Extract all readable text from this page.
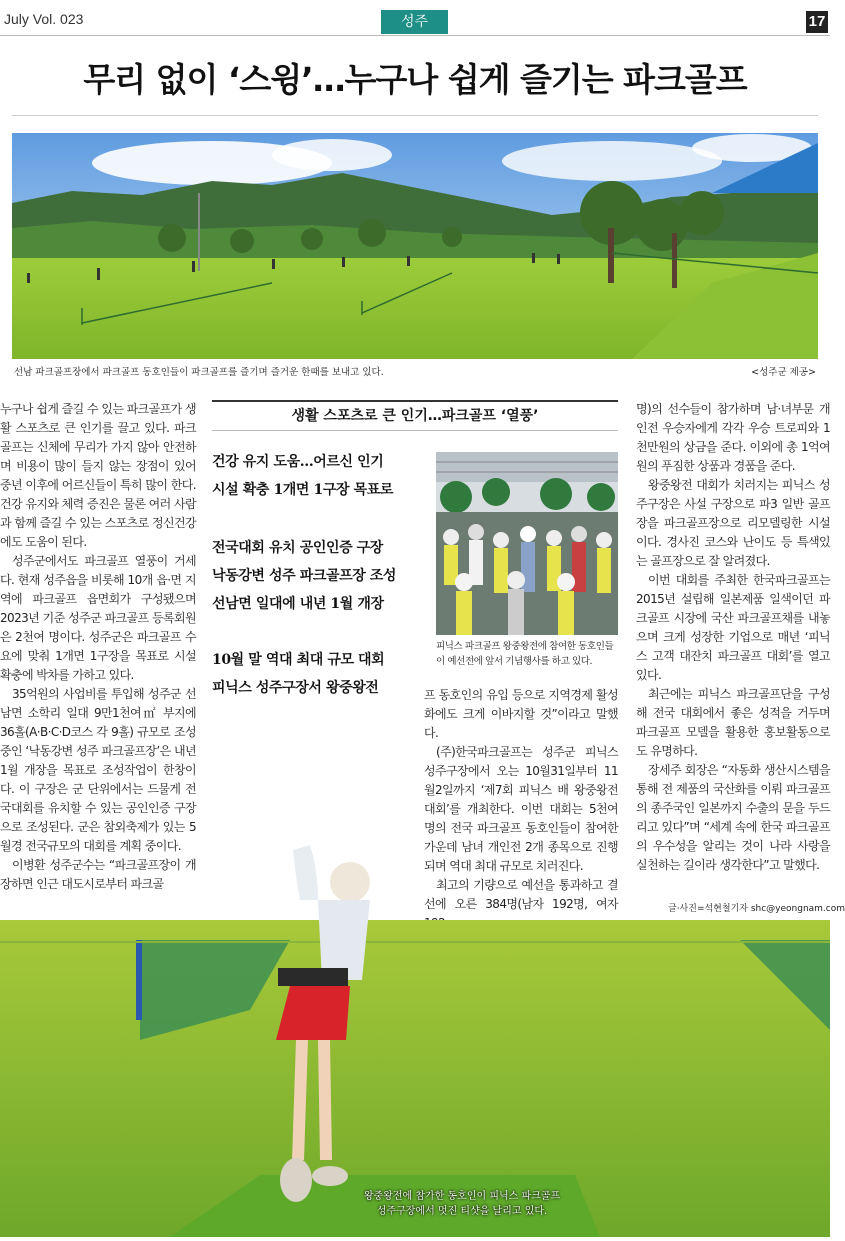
July Vol. 023	성주	17
무리 없이 ‘스윙’…누구나 쉽게 즐기는 파크골프
선남 파크골프장에서 파크골프 동호인들이 파크골프를 즐기며 즐거운 한때를 보내고 있다.	<성주군 제공>

누구나 쉽게 즐길 수 있는 파크골프가 생활 스포츠로 큰 인기를 끌고 있다. 파크골프는 신체에 무리가 가지 않아 안전하며 비용이 많이 들지 않는 장점이 있어 중년 이후에 어르신들이 특히 많이 한다. 건강 유지와 체력 증진은 물론 여러 사람과 함께 즐길 수 있는 스포츠로 정신건강에도 도움이 된다.

성주군에서도 파크골프 열풍이 거세다. 현재 성주읍을 비롯해 10개 읍·면 지역에 파크골프 읍면회가 구성됐으며 2023년 기준 성주군 파크골프 등록회원은 2천여 명이다. 성주군은 파크골프 수요에 맞춰 1개면 1구장을 목표로 시설 확충에 박차를 가하고 있다.

35억원의 사업비를 투입해 성주군 선남면 소학리 일대 9만1천여㎡ 부지에 36홀(A·B·C·D코스 각 9홀) 규모로 조성 중인 ‘낙동강변 성주 파크골프장’은 내년 1월 개장을 목표로 조성작업이 한창이다. 이 구장은 군 단위에서는 드물게 전국대회를 유치할 수 있는 공인인증 구장으로 조성된다. 군은 참외축제가 있는 5월경 전국규모의 대회를 계획 중이다.

이병환 성주군수는 “파크골프장이 개장하면 인근 대도시로부터 파크골

생활 스포츠로 큰 인기…파크골프 ‘열풍’
건강 유지 도움…어르신 인기
시설 확충 1개면 1구장 목표로
전국대회 유치 공인인증 구장
낙동강변 성주 파크골프장 조성
선남면 일대에 내년 1월 개장
10월 말 역대 최대 규모 대회
피닉스 성주구장서 왕중왕전
피닉스 파크골프 왕중왕전에 참여한 동호인들이 예선전에 앞서 기념행사를 하고 있다.

프 동호인의 유입 등으로 지역경제 활성화에도 크게 이바지할 것”이라고 말했다.

(주)한국파크골프는 성주군 피닉스 성주구장에서 오는 10월31일부터 11월2일까지 ‘제7회 피닉스 배 왕중왕전 대회’를 개최한다. 이번 대회는 5천여 명의 전국 파크골프 동호인들이 참여한 가운데 남녀 개인전 2개 종목으로 진행되며 역대 최대 규모로 치러진다.

최고의 기량으로 예선을 통과하고 결선에 오른 384명(남자 192명, 여자

명)의 선수들이 참가하며 남·녀부문 개인전 우승자에게 각각 우승 트로피와 1천만원의 상금을 준다. 이외에 총 1억여 원의 푸짐한 상품과 경품을 준다.

왕중왕전 대회가 치러지는 피닉스 성주구장은 사설 구장으로 파3 일반 골프장을 파크골프장으로 리모델링한 시설이다. 경사진 코스와 난이도 등 특색있는 골프장으로 잘 알려졌다.

이번 대회를 주최한 한국파크골프는 2015년 설립해 일본제품 일색이던 파크골프 시장에 국산 파크골프채를 내놓으며 크게 성장한 기업으로 매년 ‘피닉스 고객 대잔치 파크골프 대회’를 열고 있다.

최근에는 피닉스 파크골프단을 구성해 전국 대회에서 좋은 성적을 거두며 파크골프 모델을 활용한 홍보활동으로도 유명하다.

장세주 회장은 “자동화 생산시스템을 통해 전 제품의 국산화를 이뤄 파크골프의 종주국인 일본까지 수출의 문을 두드리고 있다”며 “세계 속에 한국 파크골프의 우수성을 알리는 것이 나라 사랑을 실천하는 길이라 생각한다”고 말했다.

글·사진=석현철기자 shc@yeongnam.com
왕중왕전에 참가한 동호인이 피닉스 파크골프
성주구장에서 멋진 티샷을 날리고 있다.
